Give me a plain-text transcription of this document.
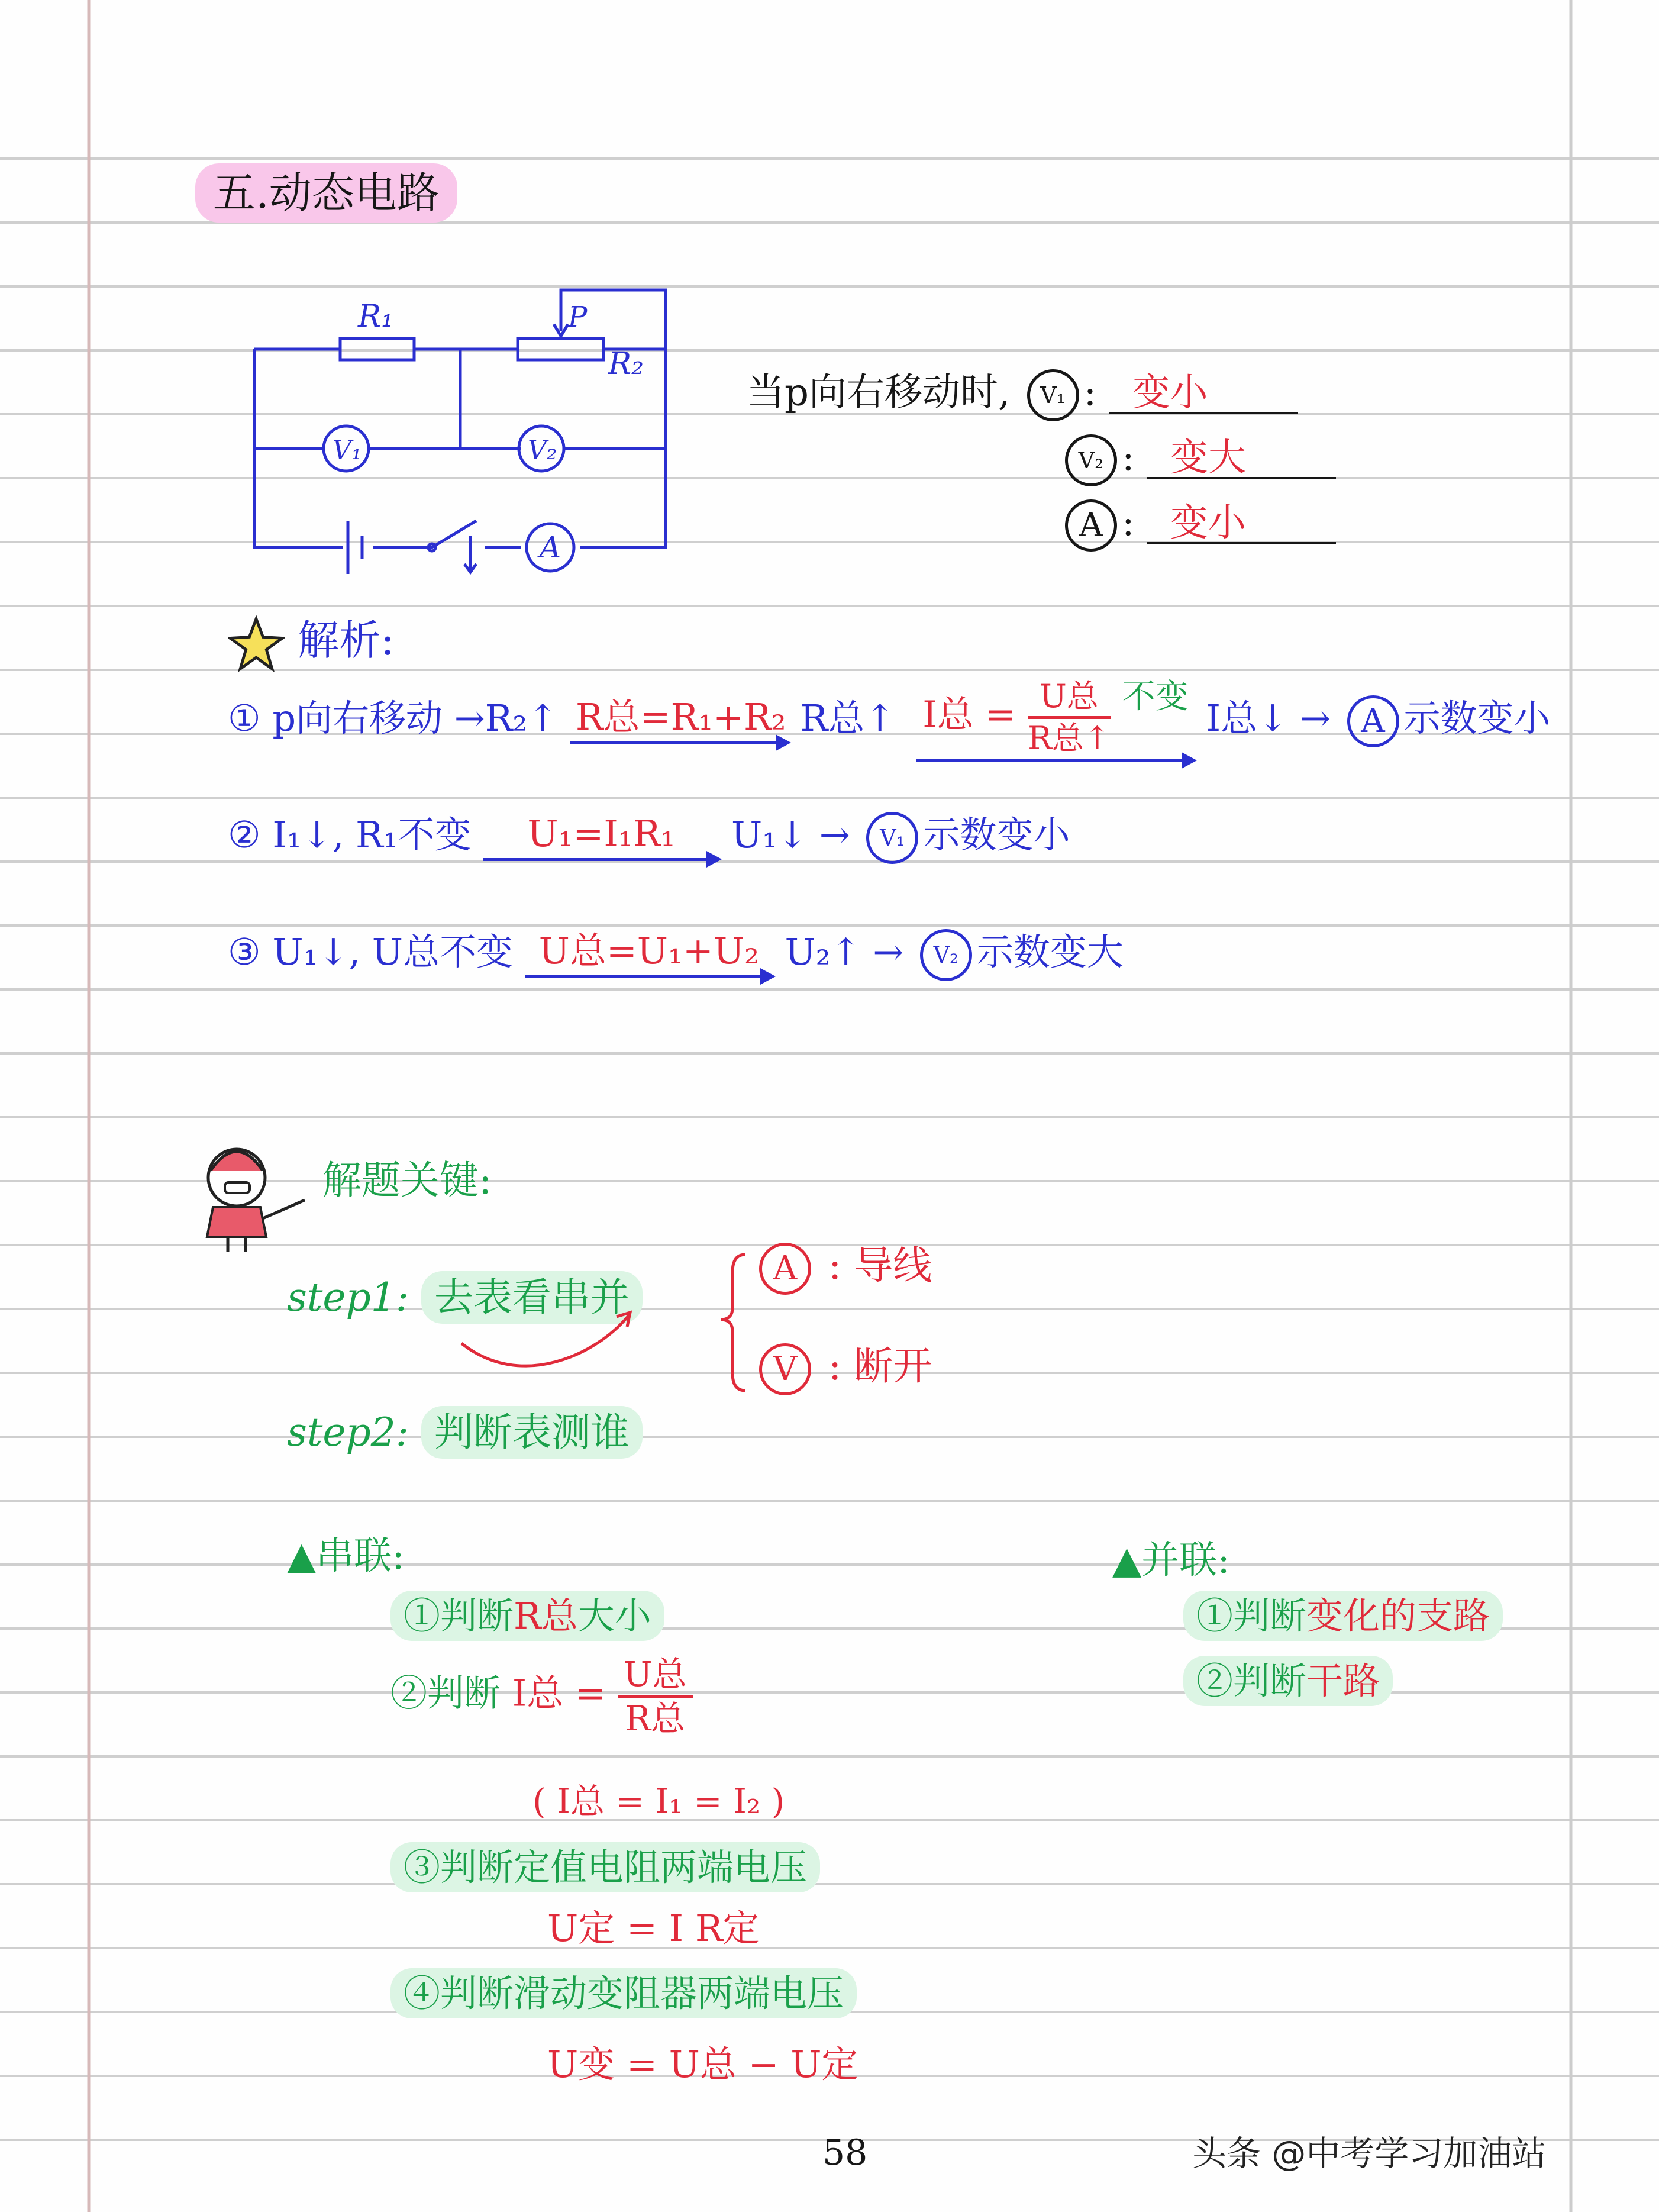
五.动态电路
R₁	P
R₂
V₁	V₂
A
当p向右移动时, V₁ : 变小
V₂ : 变大
A : 变小
解析:
① p向右移动 →R₂↑ R总=R₁+R₂ R总↑ I总 = $\frac{\text{U总}}{\text{R总↑}}$ 不变 I总↓ → A 示数变小
② I₁↓, R₁不变	U₁=I₁R₁	U₁↓ → V₁ 示数变小
③ U₁↓, U总不变 U总=U₁+U₂ U₂↑ → V₂ 示数变大
解题关键:
step1: 去表看串并
A : 导线
V : 断开
step2: 判断表测谁
▲串联:
①判断R总大小
②判断 I总 = $\frac{\text{U总}}{\text{R总}}$
( I总 = I₁ = I₂ )
③判断定值电阻两端电压
U定 = I R定
④判断滑动变阻器两端电压
U变 = U总 − U定
▲并联:
①判断变化的支路
②判断干路
58	头条 @中考学习加油站
